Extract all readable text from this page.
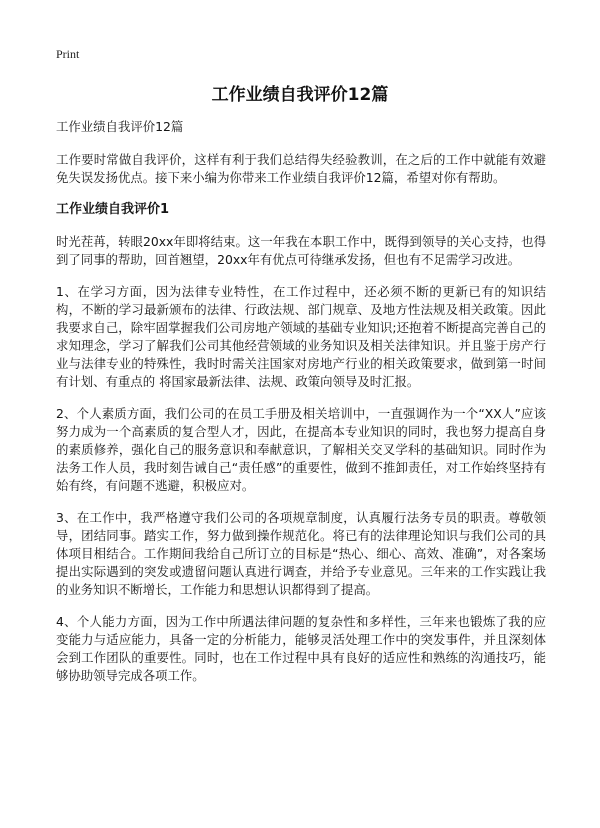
Print
工作业绩自我评价12篇

工作业绩自我评价12篇

工作要时常做自我评价，这样有利于我们总结得失经验教训，在之后的工作中就能有效避免失误发扬优点。接下来小编为你带来工作业绩自我评价12篇，希望对你有帮助。

工作业绩自我评价1

时光茬苒，转眼20xx年即将结束。这一年我在本职工作中，既得到领导的关心支持，也得到了同事的帮助，回首翘望，20xx年有优点可待继承发扬，但也有不足需学习改进。

1、在学习方面，因为法律专业特性，在工作过程中，还必须不断的更新已有的知识结构，不断的学习最新颁布的法律、行政法规、部门规章、及地方性法规及相关政策。因此我要求自己，除牢固掌握我们公司房地产领域的基础专业知识;还抱着不断提高完善自己的求知理念，学习了解我们公司其他经营领域的业务知识及相关法律知识。并且鉴于房产行业与法律专业的特殊性，我时时需关注国家对房地产行业的相关政策要求，做到第一时间有计划、有重点的 将国家最新法律、法规、政策向领导及时汇报。

2、个人素质方面，我们公司的在员工手册及相关培训中，一直强调作为一个“XX人”应该努力成为一个高素质的复合型人才，因此，在提高本专业知识的同时，我也努力提高自身的素质修养，强化自己的服务意识和奉献意识，了解相关交叉学科的基础知识。同时作为法务工作人员，我时刻告诫自己“责任感”的重要性，做到不推卸责任，对工作始终坚持有始有终，有问题不逃避，积极应对。

3、在工作中，我严格遵守我们公司的各项规章制度，认真履行法务专员的职责。尊敬领导，团结同事。踏实工作，努力做到操作规范化。将已有的法律理论知识与我们公司的具体项目相结合。工作期间我给自己所订立的目标是“热心、细心、高效、准确”，对各案场提出实际遇到的突发或遗留问题认真进行调查，并给予专业意见。三年来的工作实践让我的业务知识不断增长，工作能力和思想认识都得到了提高。

4、个人能力方面，因为工作中所遇法律问题的复杂性和多样性，三年来也锻炼了我的应变能力与适应能力，具备一定的分析能力，能够灵活处理工作中的突发事件，并且深刻体会到工作团队的重要性。同时，也在工作过程中具有良好的适应性和熟练的沟通技巧，能够协助领导完成各项工作。
